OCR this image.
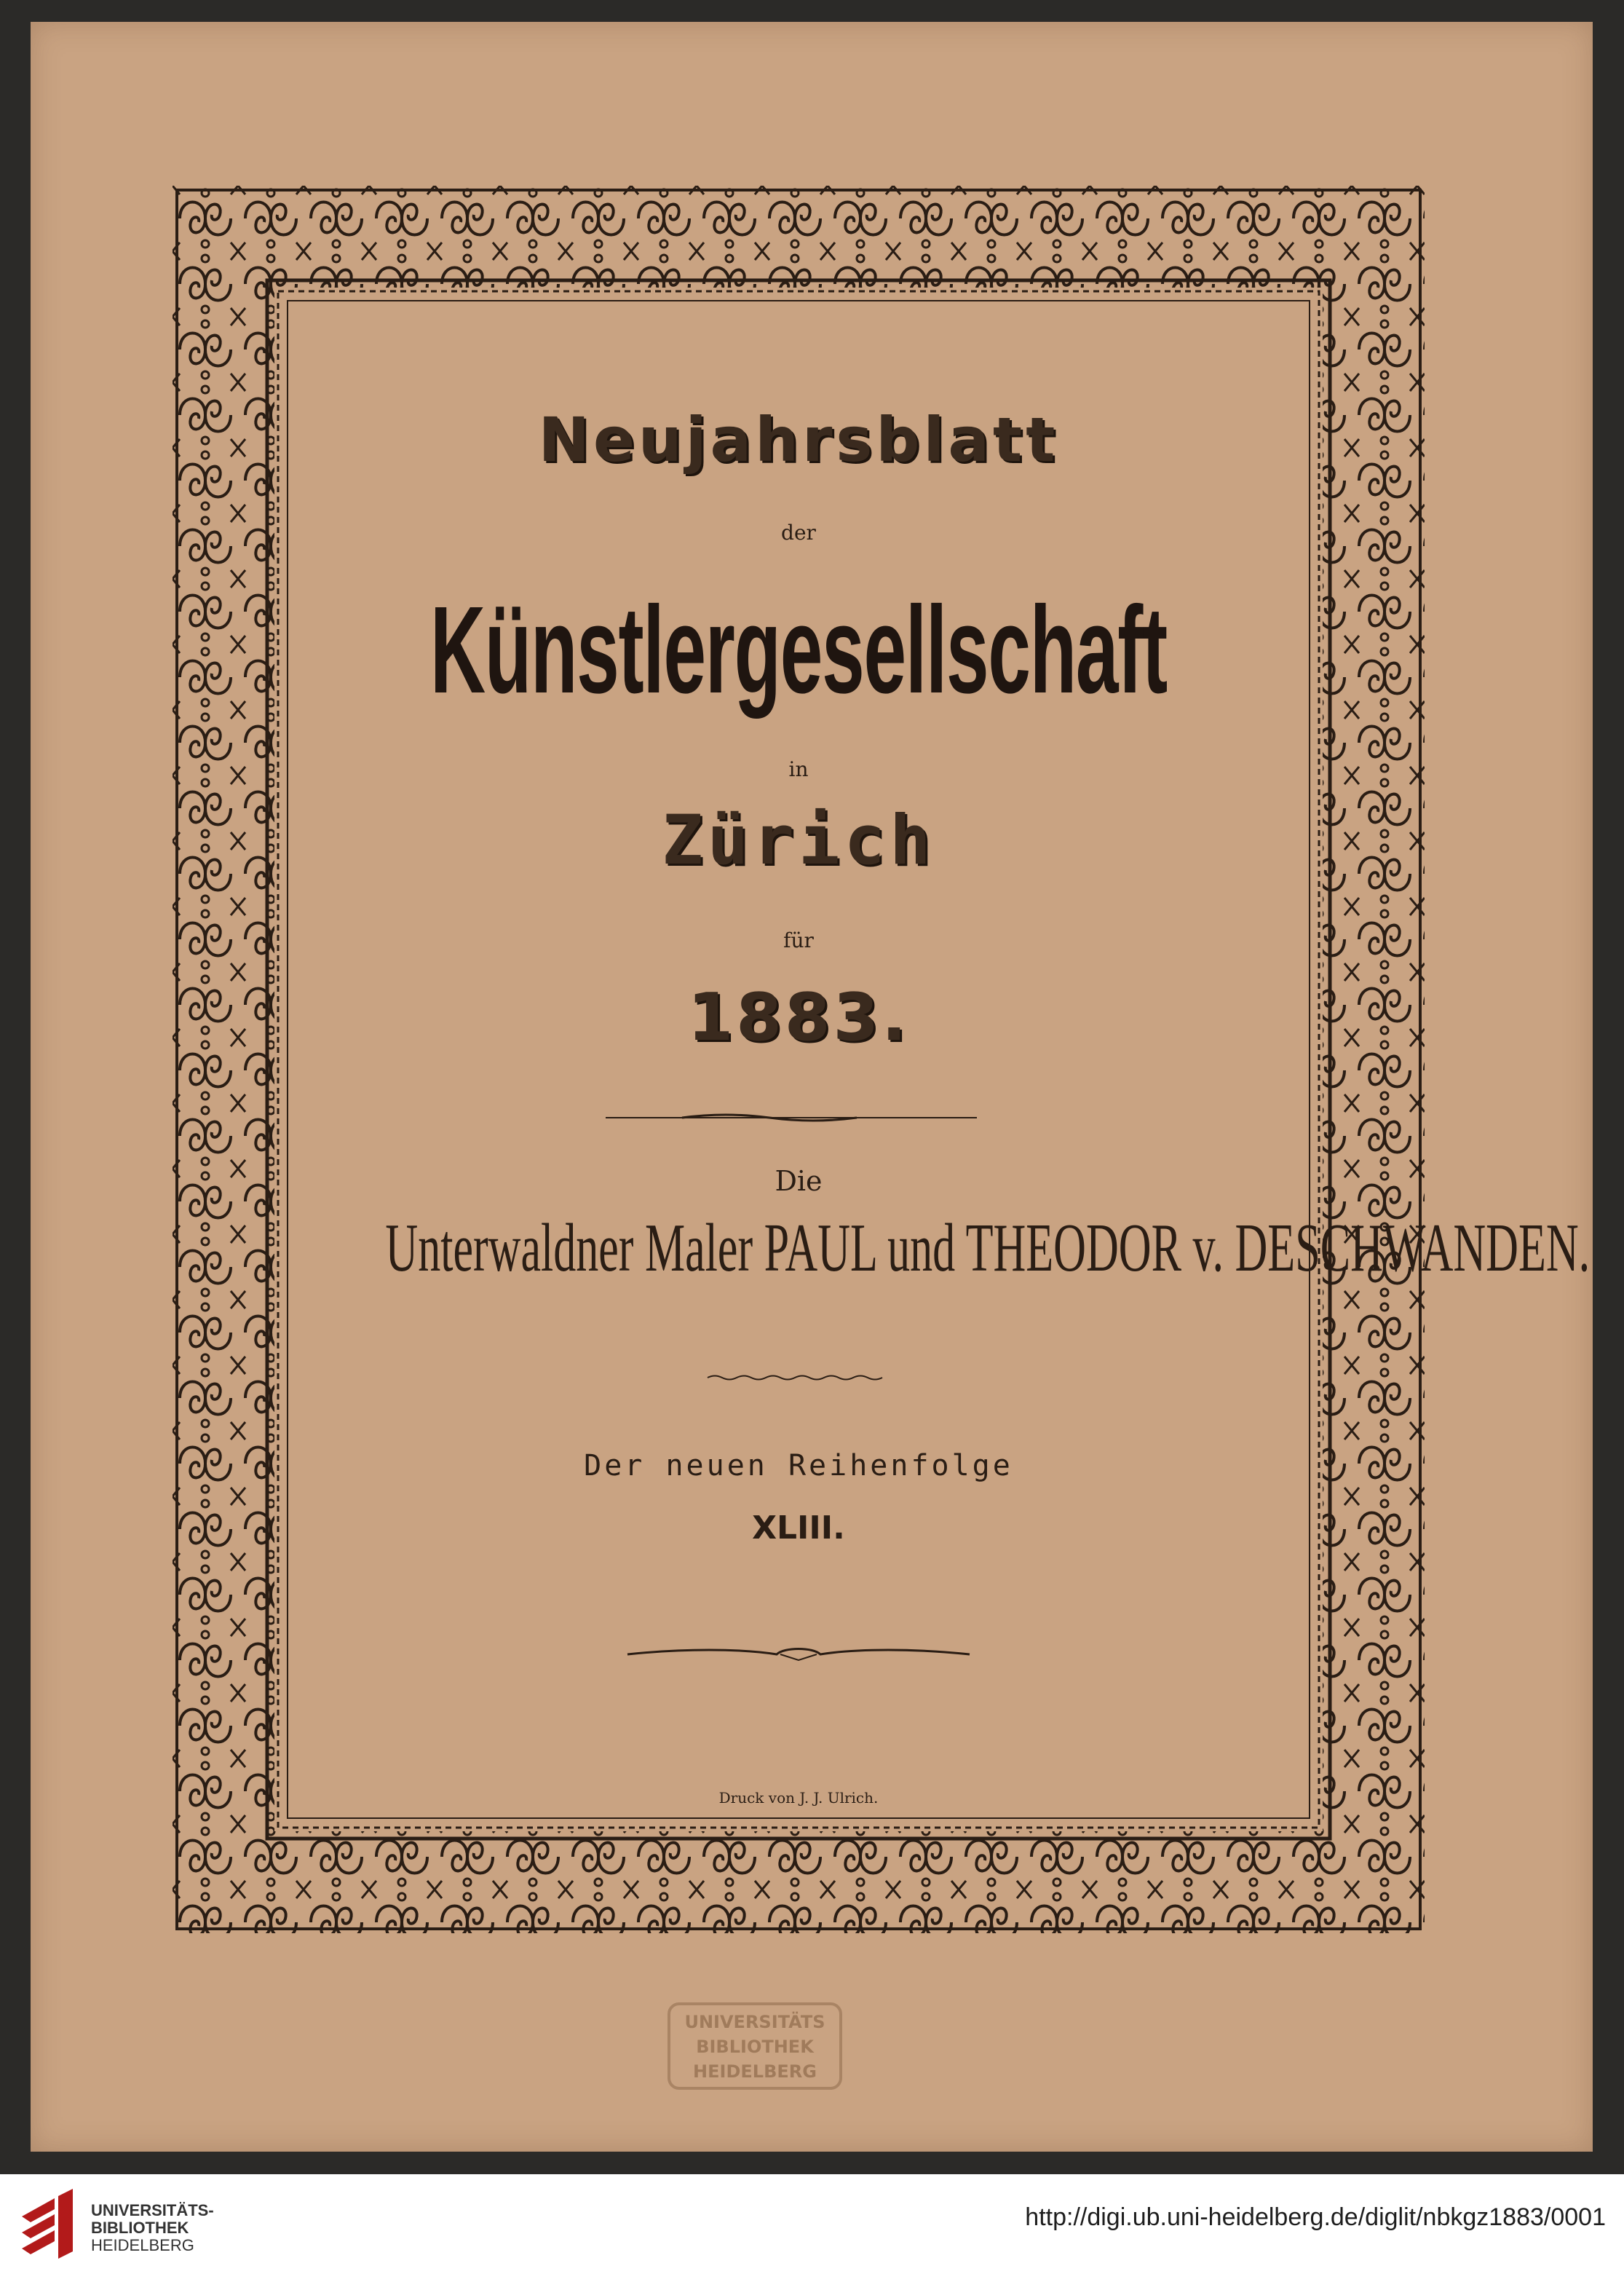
Neujahrsblatt

der

Künstlergesellschaft

in

Zürich

für

1883.

Die

Unterwaldner Maler PAUL und THEODOR v. DESCHWANDEN.

Der neuen Reihenfolge

XLIII.

Druck von J. J. Ulrich.

UNIVERSITÄTS
BIBLIOTHEK
HEIDELBERG
UNIVERSITÄTS-
BIBLIOTHEK
HEIDELBERG
http://digi.ub.uni-heidelberg.de/diglit/nbkgz1883/0001
